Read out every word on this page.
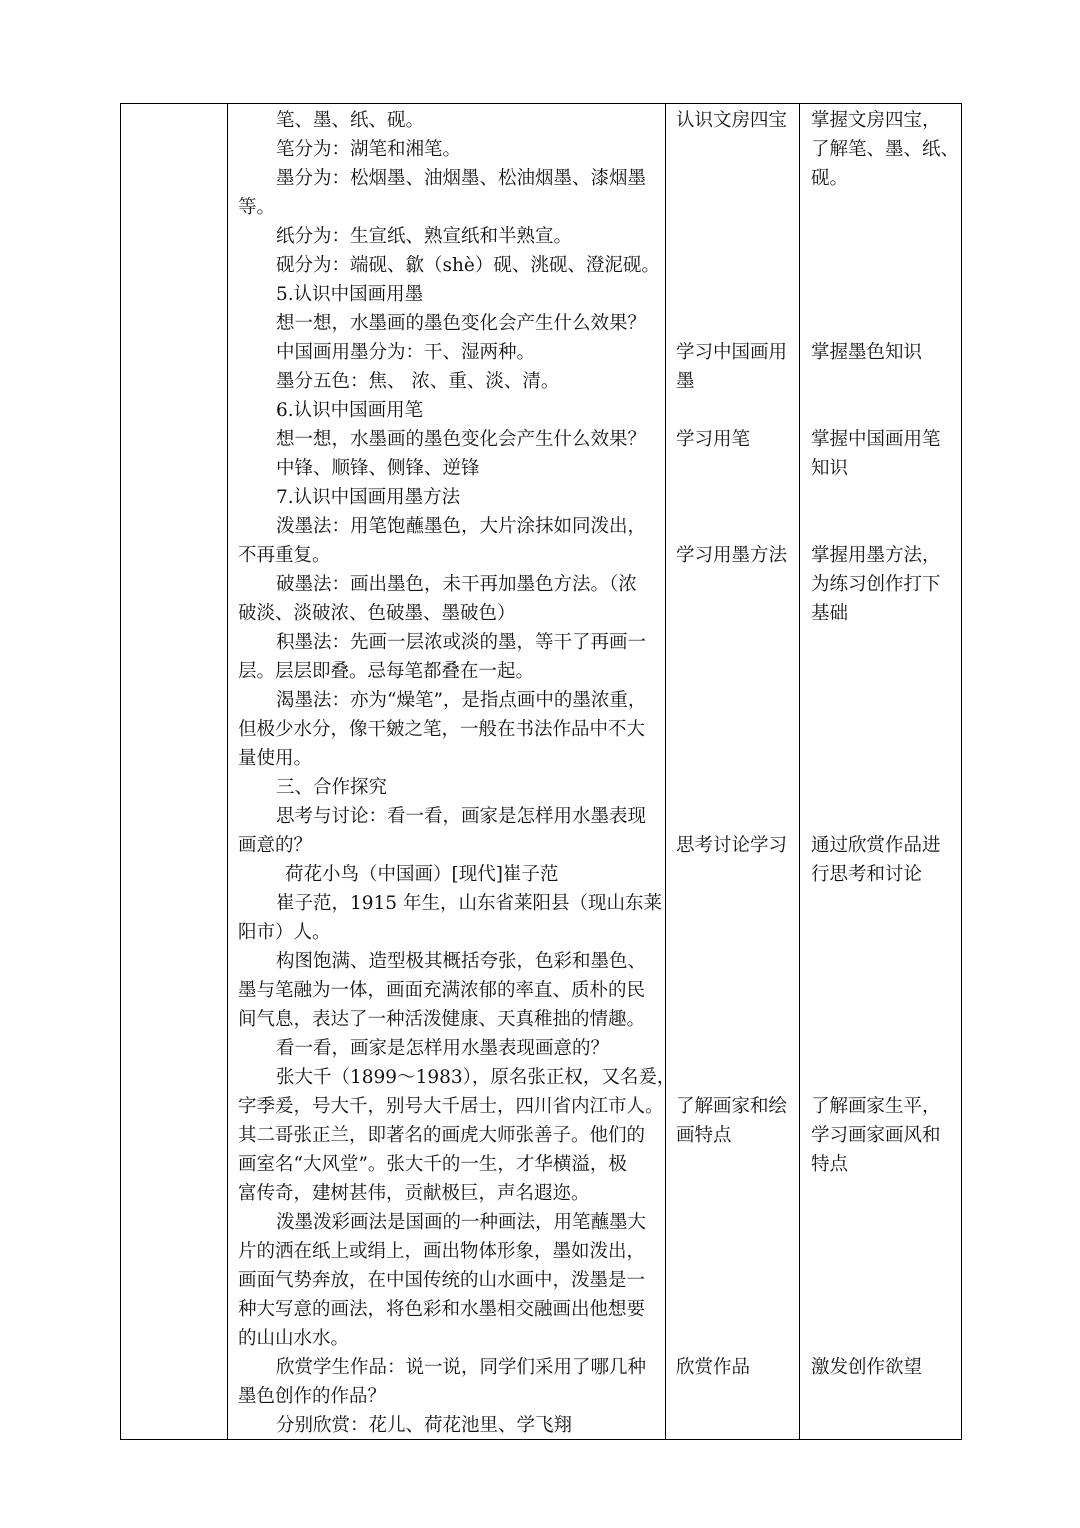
笔、墨、纸、砚。
笔分为：湖笔和湘笔。
墨分为：松烟墨、油烟墨、松油烟墨、漆烟墨
等。
纸分为：生宣纸、熟宣纸和半熟宣。
砚分为：端砚、歙（shè）砚、洮砚、澄泥砚。
5.认识中国画用墨
想一想，水墨画的墨色变化会产生什么效果？
中国画用墨分为：干、湿两种。
墨分五色：焦、 浓、重、淡、清。
6.认识中国画用笔
想一想，水墨画的墨色变化会产生什么效果？
中锋、顺锋、侧锋、逆锋
7.认识中国画用墨方法
泼墨法：用笔饱蘸墨色，大片涂抹如同泼出，
不再重复。
破墨法：画出墨色，未干再加墨色方法。（浓
破淡、淡破浓、色破墨、墨破色）
积墨法：先画一层浓或淡的墨，等干了再画一
层。层层即叠。忌每笔都叠在一起。
渴墨法：亦为“燥笔”，是指点画中的墨浓重，
但极少水分，像干皴之笔，一般在书法作品中不大
量使用。
三、合作探究
思考与讨论：看一看，画家是怎样用水墨表现
画意的？
荷花小鸟（中国画）[现代]崔子范
崔子范，1915 年生，山东省莱阳县（现山东莱
阳市）人。
构图饱满、造型极其概括夸张，色彩和墨色、
墨与笔融为一体，画面充满浓郁的率直、质朴的民
间气息，表达了一种活泼健康、天真稚拙的情趣。
看一看，画家是怎样用水墨表现画意的？
张大千（1899～1983），原名张正权，又名爰，
字季爰，号大千，别号大千居士，四川省内江市人。
其二哥张正兰，即著名的画虎大师张善子。他们的
画室名“大风堂”。张大千的一生，才华横溢，极
富传奇，建树甚伟，贡献极巨，声名遐迩。
泼墨泼彩画法是国画的一种画法，用笔蘸墨大
片的洒在纸上或绢上，画出物体形象，墨如泼出，
画面气势奔放，在中国传统的山水画中，泼墨是一
种大写意的画法，将色彩和水墨相交融画出他想要
的山山水水。
欣赏学生作品：说一说，同学们采用了哪几种
墨色创作的作品？
分别欣赏：花儿、荷花池里、学飞翔
认识文房四宝
学习中国画用
墨
学习用笔
学习用墨方法
思考讨论学习
了解画家和绘
画特点
欣赏作品
掌握文房四宝，
了解笔、墨、纸、
砚。
掌握墨色知识
掌握中国画用笔
知识
掌握用墨方法，
为练习创作打下
基础
通过欣赏作品进
行思考和讨论
了解画家生平，
学习画家画风和
特点
激发创作欲望
